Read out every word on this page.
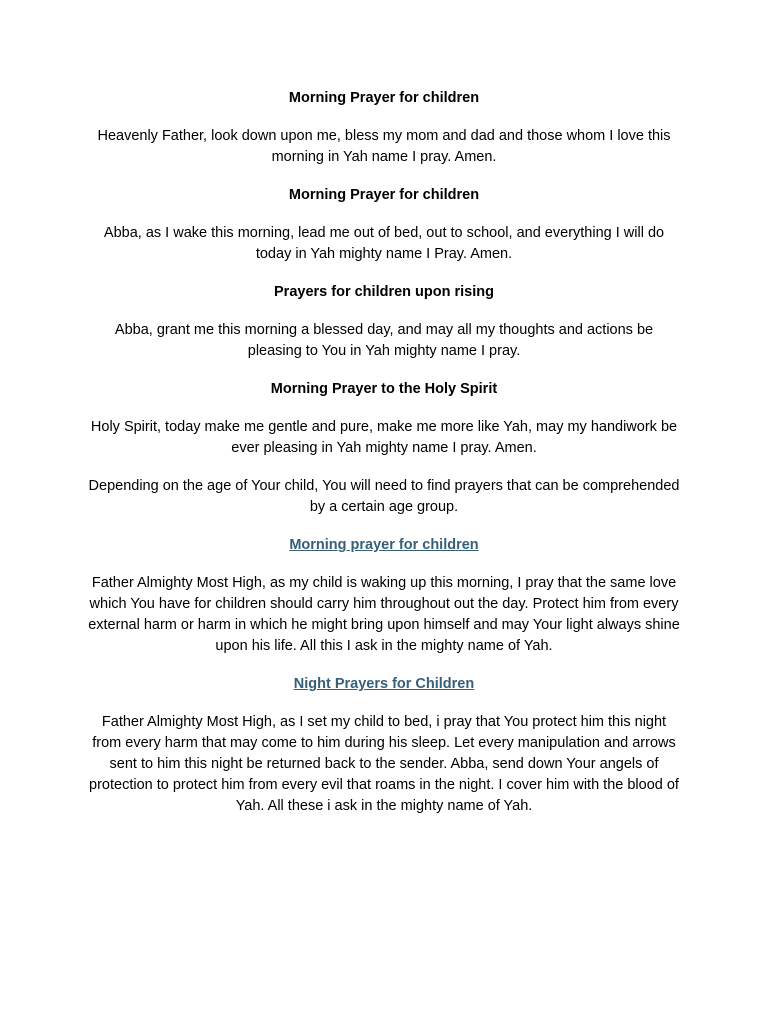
Morning Prayer for children
Heavenly Father, look down upon me, bless my mom and dad and those whom I love this morning in Yah name I pray. Amen.
Morning Prayer for children
Abba, as I wake this morning, lead me out of bed, out to school, and everything I will do today in Yah mighty name I Pray. Amen.
Prayers for children upon rising
Abba, grant me this morning a blessed day, and may all my thoughts and actions be pleasing to You in Yah mighty name I pray.
Morning Prayer to the Holy Spirit
Holy Spirit, today make me gentle and pure, make me more like Yah, may my handiwork be ever pleasing in Yah mighty name I pray. Amen.
Depending on the age of Your child, You will need to find prayers that can be comprehended by a certain age group.
Morning prayer for children
Father Almighty Most High, as my child is waking up this morning, I pray that the same love which You have for children should carry him throughout out the day. Protect him from every external harm or harm in which he might bring upon himself and may Your light always shine upon his life. All this I ask in the mighty name of Yah.
Night Prayers for Children
Father Almighty Most High, as I set my child to bed, i pray that You protect him this night from every harm that may come to him during his sleep. Let every manipulation and arrows sent to him this night be returned back to the sender. Abba, send down Your angels of protection to protect him from every evil that roams in the night. I cover him with the blood of Yah. All these i ask in the mighty name of Yah.
